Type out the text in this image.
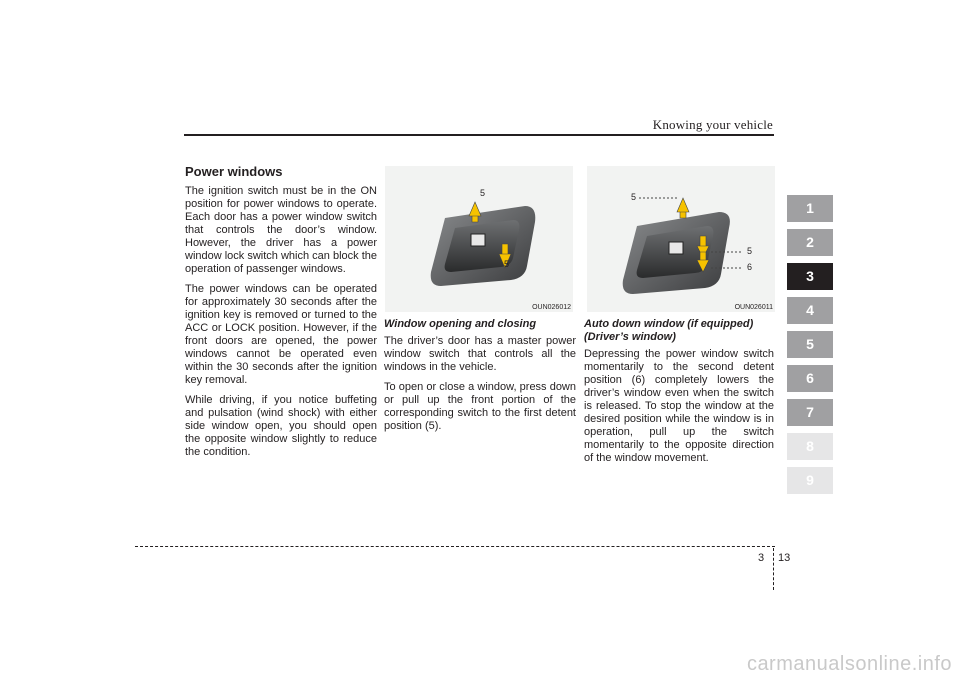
Knowing your vehicle
Power windows

The ignition switch must be in the ON position for power windows to operate. Each door has a power window switch that controls the door’s window. However, the driver has a power window lock switch which can block the operation of passenger windows.

The power windows can be operated for approximately 30 seconds after the ignition key is removed or turned to the ACC or LOCK position. However, if the front doors are opened, the power windows cannot be operated even within the 30 seconds after the ignition key removal.

While driving, if you notice buffeting and pulsation (wind shock) with either side window open, you should open the opposite window slightly to reduce the condition.

5
5
OUN026012
5
5
6
OUN026011
Window opening and closing

The driver’s door has a master power window switch that controls all the windows in the vehicle.

To open or close a window, press down or pull up the front portion of the corresponding switch to the first detent position (5).

Auto down window (if equipped) (Driver’s window)

Depressing the power window switch momentarily to the second detent position (6) completely lowers the driver’s window even when the switch is released. To stop the window at the desired position while the window is in operation, pull up the switch momentarily to the opposite direction of the window movement.

1
2
3
4
5
6
7
8
9
3 13
carmanualsonline.info
